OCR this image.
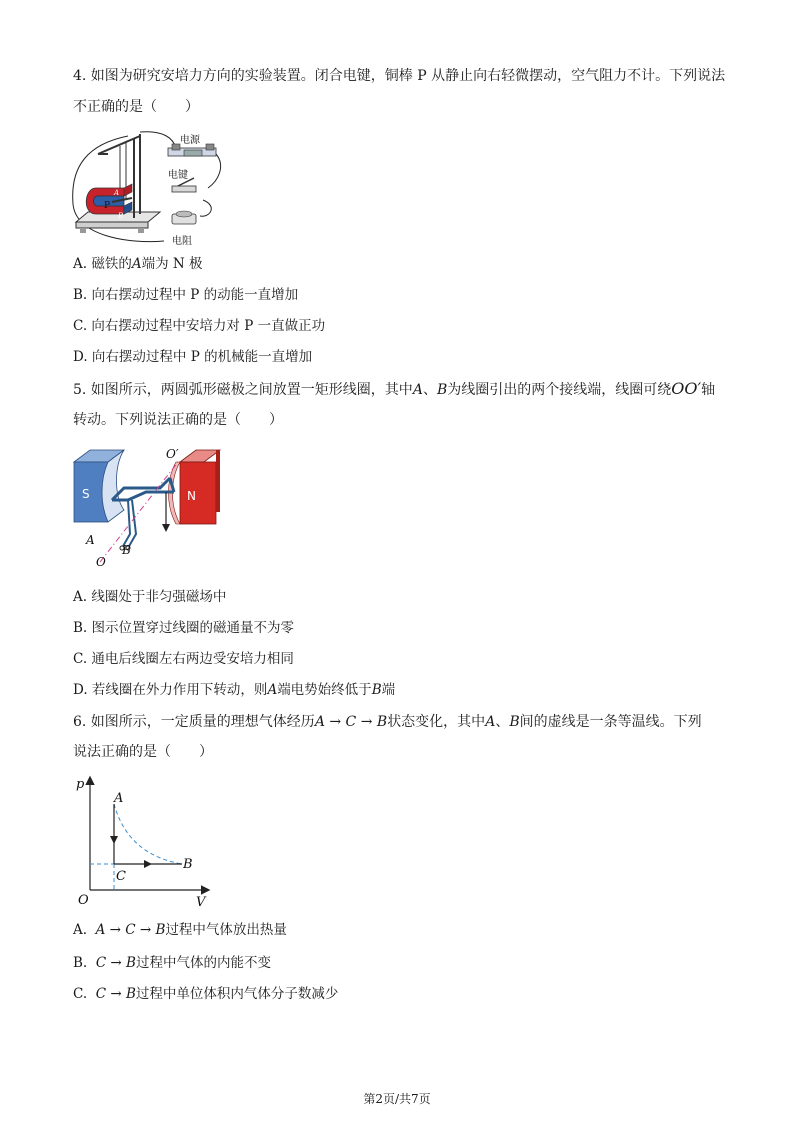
4. 如图为研究安培力方向的实验装置。闭合电键，铜棒 P 从静止向右轻微摆动，空气阻力不计。下列说法
不正确的是（　　）
A
B
P
电源
电键
电阻
A. 磁铁的A端为 N 极
B. 向右摆动过程中 P 的动能一直增加
C. 向右摆动过程中安培力对 P 一直做正功
D. 向右摆动过程中 P 的机械能一直增加
5. 如图所示，两圆弧形磁极之间放置一矩形线圈，其中A、B为线圈引出的两个接线端，线圈可绕OO′轴
转动。下列说法正确的是（　　）
S	N
O′
A
B
O
A. 线圈处于非匀强磁场中
B. 图示位置穿过线圈的磁通量不为零
C. 通电后线圈左右两边受安培力相同
D. 若线圈在外力作用下转动，则A端电势始终低于B端
6. 如图所示，一定质量的理想气体经历A → C → B状态变化，其中A、B间的虚线是一条等温线。下列
说法正确的是（　　）
p
V
O
A
B
C
A. A → C → B过程中气体放出热量
B. C → B过程中气体的内能不变
C. C → B过程中单位体积内气体分子数减少
第2页/共7页
